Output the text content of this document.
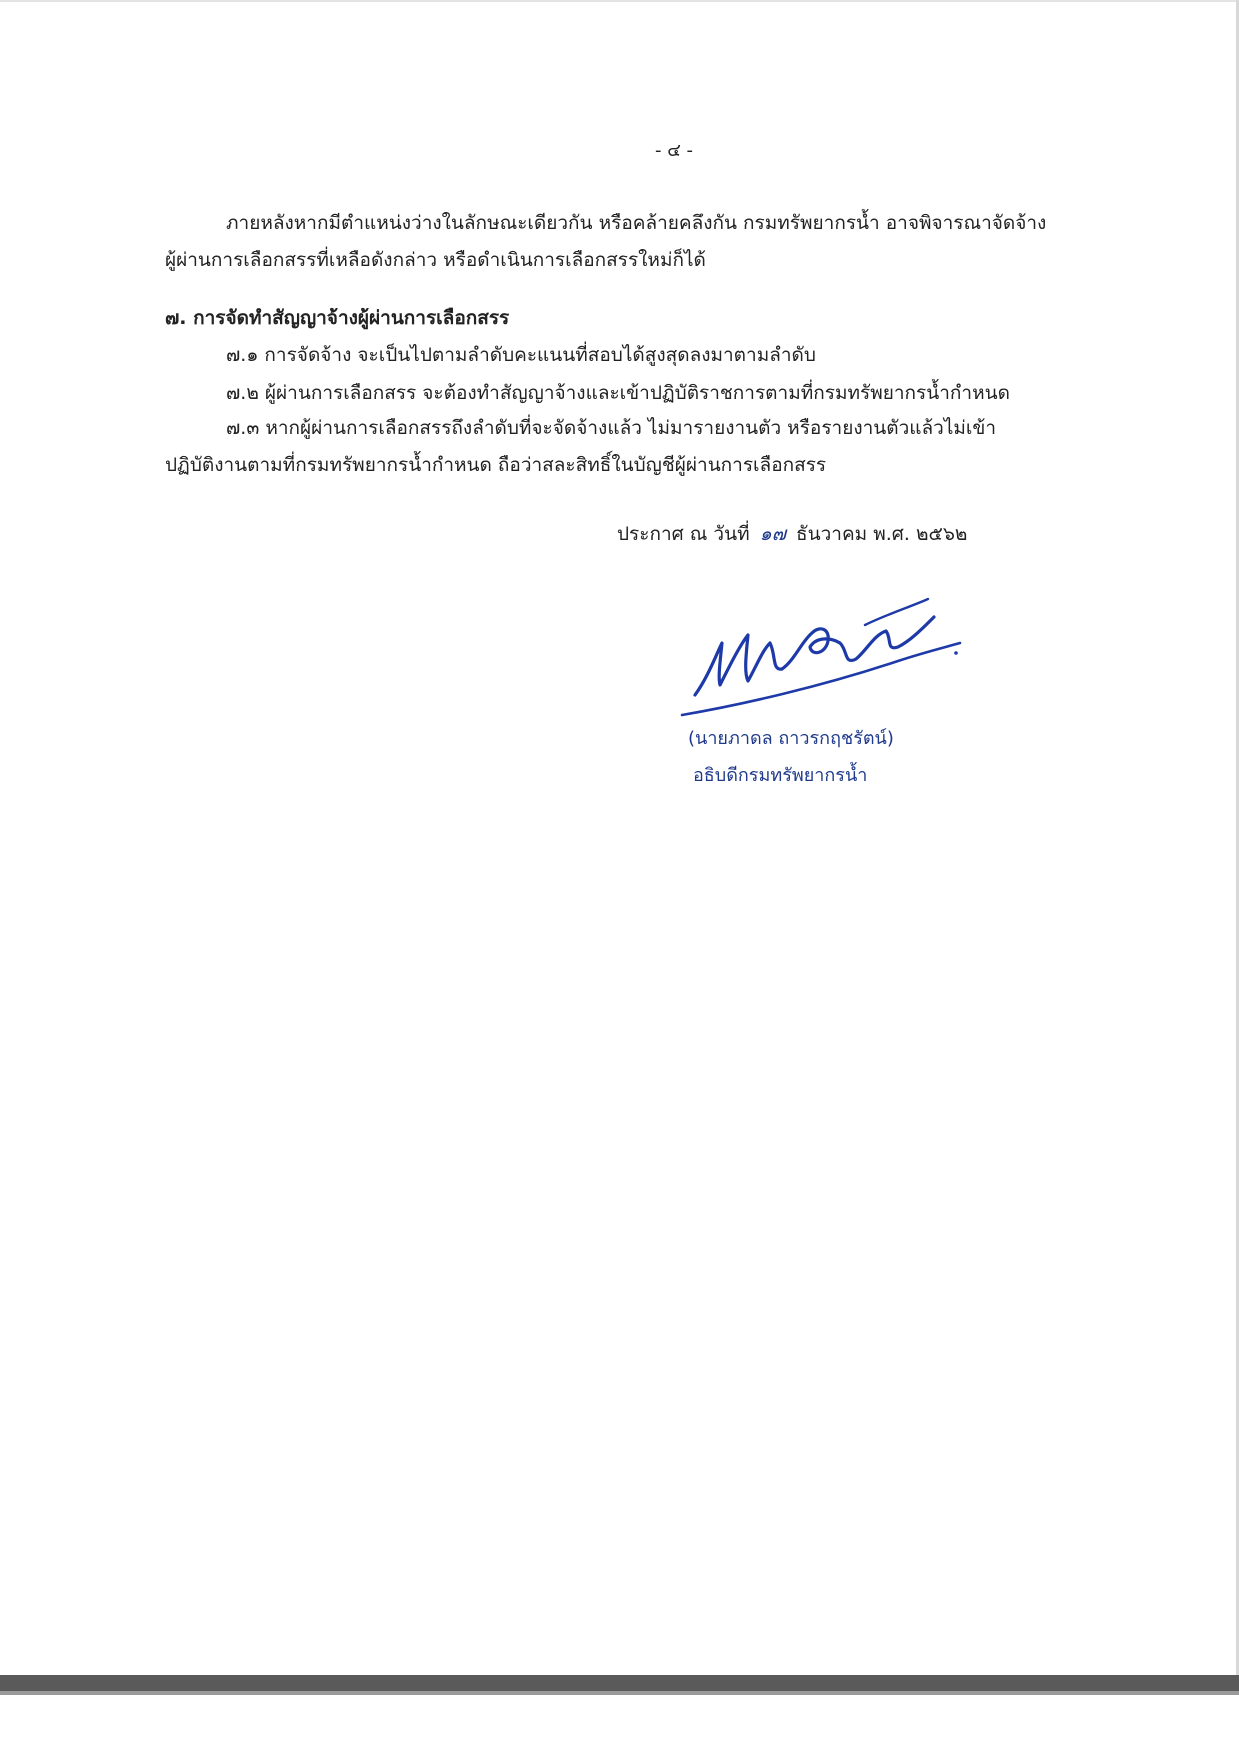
- ๔ -
ภายหลังหากมีตำแหน่งว่างในลักษณะเดียวกัน หรือคล้ายคลึงกัน กรมทรัพยากรน้ำ อาจพิจารณาจัดจ้าง
ผู้ผ่านการเลือกสรรที่เหลือดังกล่าว หรือดำเนินการเลือกสรรใหม่ก็ได้
๗. การจัดทำสัญญาจ้างผู้ผ่านการเลือกสรร
๗.๑ การจัดจ้าง จะเป็นไปตามลำดับคะแนนที่สอบได้สูงสุดลงมาตามลำดับ
๗.๒ ผู้ผ่านการเลือกสรร จะต้องทำสัญญาจ้างและเข้าปฏิบัติราชการตามที่กรมทรัพยากรน้ำกำหนด
๗.๓ หากผู้ผ่านการเลือกสรรถึงลำดับที่จะจัดจ้างแล้ว ไม่มารายงานตัว หรือรายงานตัวแล้วไม่เข้า
ปฏิบัติงานตามที่กรมทรัพยากรน้ำกำหนด ถือว่าสละสิทธิ์ในบัญชีผู้ผ่านการเลือกสรร
ประกาศ ณ วันที่ ๑๗ ธันวาคม พ.ศ. ๒๕๖๒
(นายภาดล ถาวรกฤชรัตน์)
อธิบดีกรมทรัพยากรน้ำ
